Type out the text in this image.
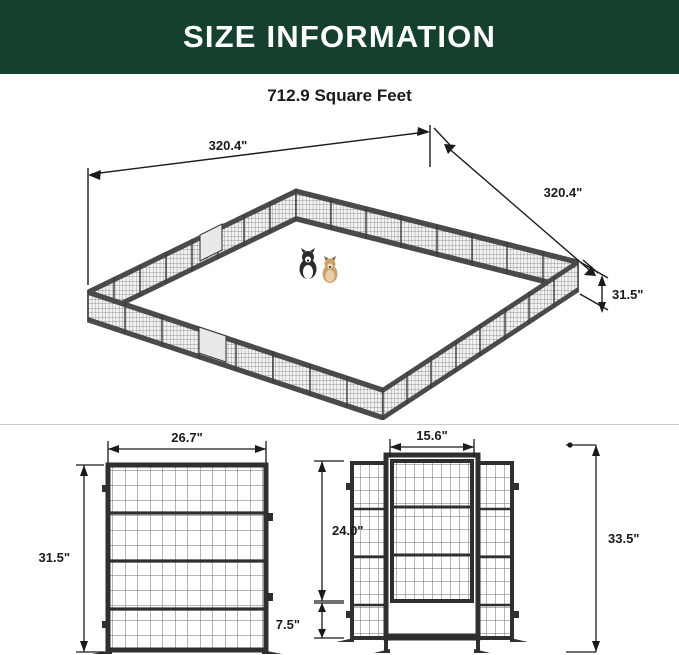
SIZE INFORMATION
712.9 Square Feet
320.4"
320.4"
31.5"
26.7"
31.5"
15.6"
24.0"
7.5"
33.5"
